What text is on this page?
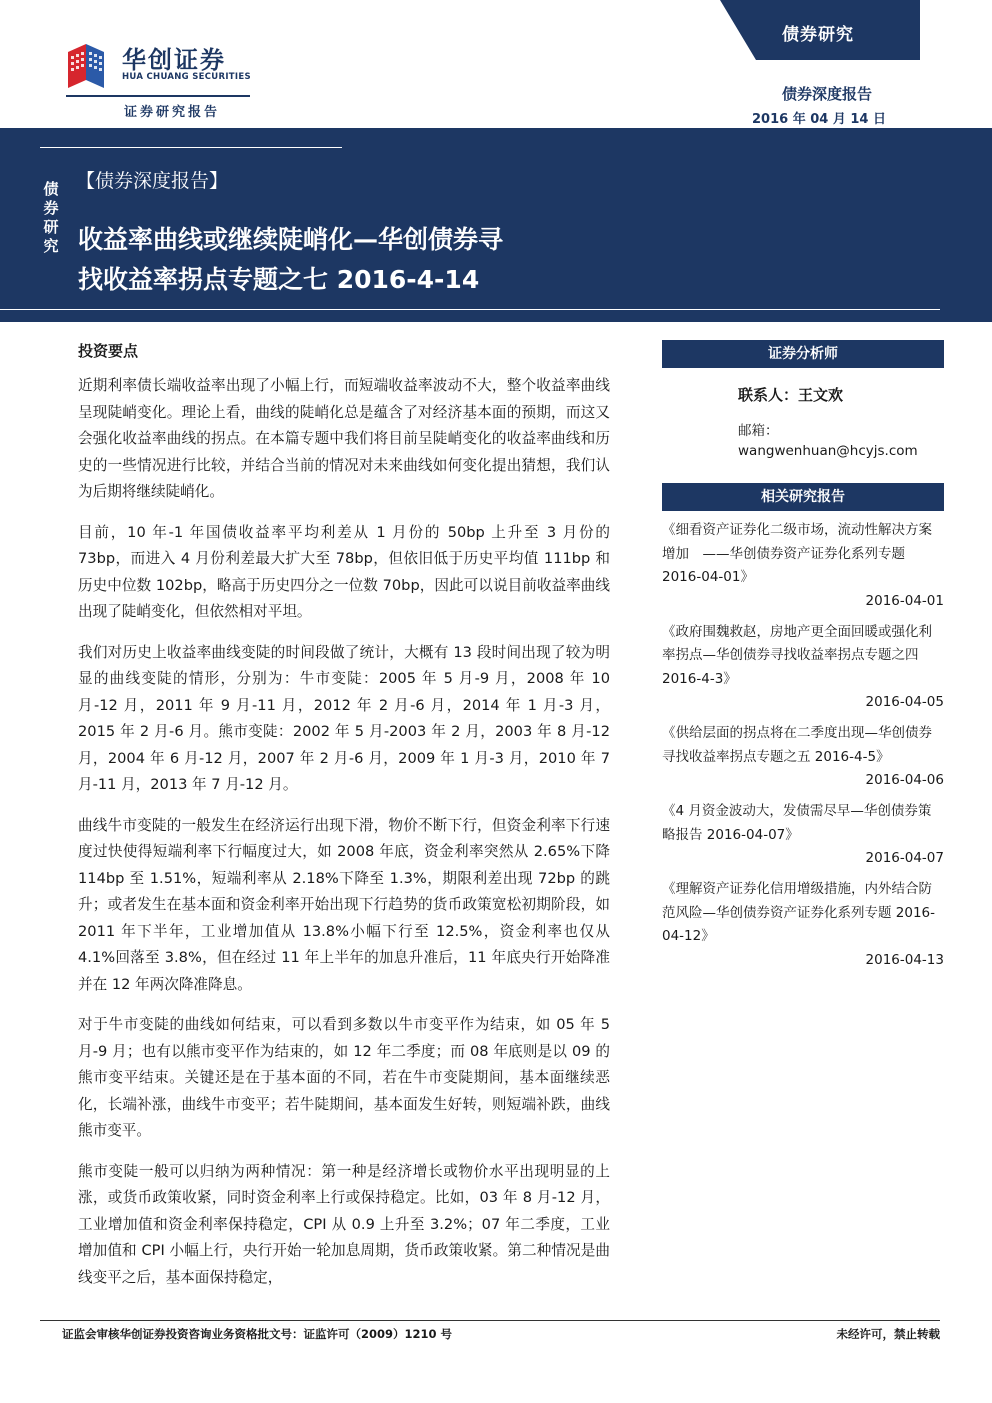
债券研究
华创证券
HUA CHUANG SECURITIES
证券研究报告
债券深度报告
2016 年 04 月 14 日
债券研究
【债券深度报告】
收益率曲线或继续陡峭化—华创债券寻
找收益率拐点专题之七 2016-4-14
投资要点

近期利率债长端收益率出现了小幅上行，而短端收益率波动不大，整个收益率曲线呈现陡峭变化。理论上看，曲线的陡峭化总是蕴含了对经济基本面的预期，而这又会强化收益率曲线的拐点。在本篇专题中我们将目前呈陡峭变化的收益率曲线和历史的一些情况进行比较，并结合当前的情况对未来曲线如何变化提出猜想，我们认为后期将继续陡峭化。

目前，10 年-1 年国债收益率平均利差从 1 月份的 50bp 上升至 3 月份的 73bp，而进入 4 月份利差最大扩大至 78bp，但依旧低于历史平均值 111bp 和历史中位数 102bp，略高于历史四分之一位数 70bp，因此可以说目前收益率曲线出现了陡峭变化，但依然相对平坦。

我们对历史上收益率曲线变陡的时间段做了统计，大概有 13 段时间出现了较为明显的曲线变陡的情形，分别为：牛市变陡：2005 年 5 月-9 月，2008 年 10 月-12 月，2011 年 9 月-11 月，2012 年 2 月-6 月，2014 年 1 月-3 月，2015 年 2 月-6 月。熊市变陡：2002 年 5 月-2003 年 2 月，2003 年 8 月-12 月，2004 年 6 月-12 月，2007 年 2 月-6 月，2009 年 1 月-3 月，2010 年 7 月-11 月，2013 年 7 月-12 月。

曲线牛市变陡的一般发生在经济运行出现下滑，物价不断下行，但资金利率下行速度过快使得短端利率下行幅度过大，如 2008 年底，资金利率突然从 2.65%下降 114bp 至 1.51%，短端利率从 2.18%下降至 1.3%，期限利差出现 72bp 的跳升；或者发生在基本面和资金利率开始出现下行趋势的货币政策宽松初期阶段，如 2011 年下半年，工业增加值从 13.8%小幅下行至 12.5%，资金利率也仅从 4.1%回落至 3.8%，但在经过 11 年上半年的加息升准后，11 年底央行开始降准并在 12 年两次降准降息。

对于牛市变陡的曲线如何结束，可以看到多数以牛市变平作为结束，如 05 年 5 月-9 月；也有以熊市变平作为结束的，如 12 年二季度；而 08 年底则是以 09 的熊市变平结束。关键还是在于基本面的不同，若在牛市变陡期间，基本面继续恶化，长端补涨，曲线牛市变平；若牛陡期间，基本面发生好转，则短端补跌，曲线熊市变平。

熊市变陡一般可以归纳为两种情况：第一种是经济增长或物价水平出现明显的上涨，或货币政策收紧，同时资金利率上行或保持稳定。比如，03 年 8 月-12 月，工业增加值和资金利率保持稳定，CPI 从 0.9 上升至 3.2%；07 年二季度，工业增加值和 CPI 小幅上行，央行开始一轮加息周期，货币政策收紧。第二种情况是曲线变平之后，基本面保持稳定，

证券分析师
联系人：王文欢
邮箱：
wangwenhuan@hcyjs.com
相关研究报告
《细看资产证券化二级市场，流动性解决方案增加　——华创债券资产证券化系列专题 2016-04-01》
2016-04-01
《政府围魏救赵，房地产更全面回暖或强化利率拐点—华创债券寻找收益率拐点专题之四 2016-4-3》
2016-04-05
《供给层面的拐点将在二季度出现—华创债券寻找收益率拐点专题之五 2016-4-5》
2016-04-06
《4 月资金波动大，发债需尽早—华创债券策略报告 2016-04-07》
2016-04-07
《理解资产证券化信用增级措施，内外结合防范风险—华创债券资产证券化系列专题 2016-04-12》
2016-04-13
证监会审核华创证券投资咨询业务资格批文号：证监许可（2009）1210 号	未经许可，禁止转载
